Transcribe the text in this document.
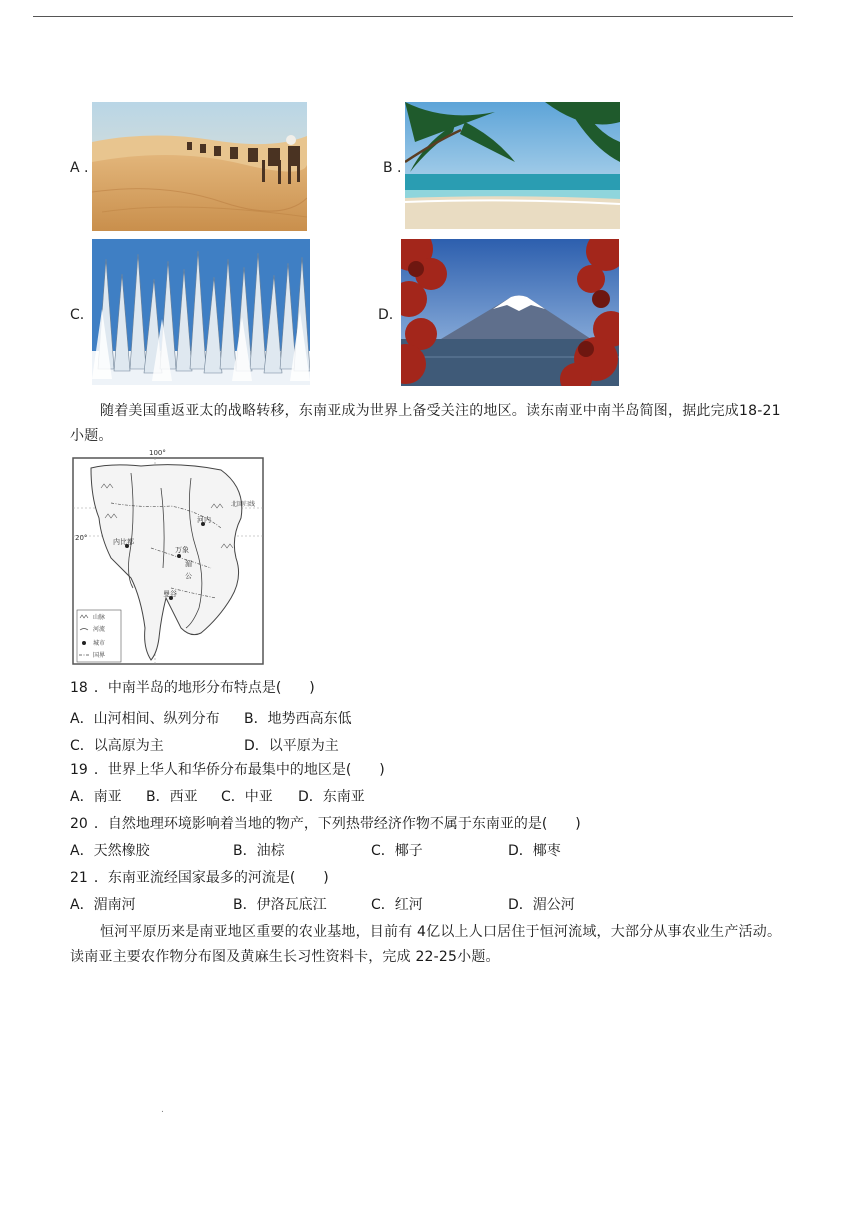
A .	B .
C.	D.
随着美国重返亚太的战略转移，东南亚成为世界上备受关注的地区。读东南亚中南半岛简图，据此完成18-21小题。
100°
20°
北回归线
河内
万象
湄
公
曼谷
内比都
山脉
河流
城市
国界
18 ．中南半岛的地形分布特点是(　　)
A．山河相间、纵列分布 B．地势西高东低
C．以高原为主	D．以平原为主
19 ．世界上华人和华侨分布最集中的地区是(　　)
A．南亚 B．西亚 C．中亚 D．东南亚
20 ．自然地理环境影响着当地的物产，下列热带经济作物不属于东南亚的是(　　)
A．天然橡胶	B．油棕	C．椰子	D．椰枣
21 ．东南亚流经国家最多的河流是(　　)
A．湄南河	B．伊洛瓦底江	C．红河	D．湄公河
恒河平原历来是南亚地区重要的农业基地，目前有 4亿以上人口居住于恒河流域，大部分从事农业生产活动。读南亚主要农作物分布图及黄麻生长习性资料卡，完成 22-25小题。
.
